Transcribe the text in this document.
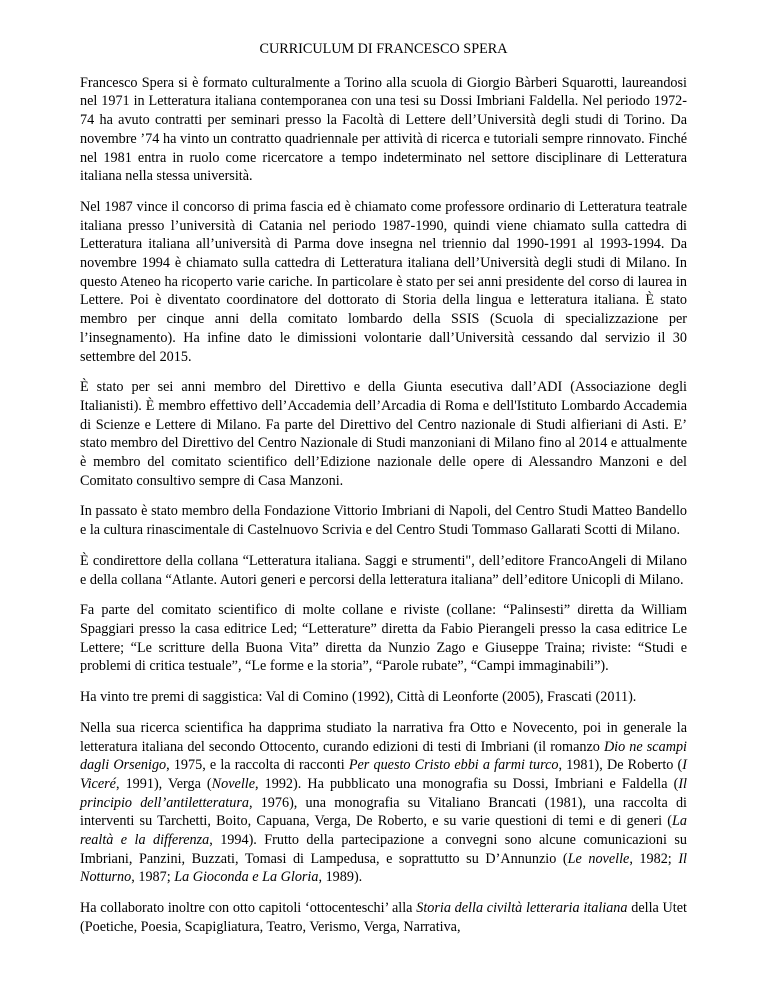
CURRICULUM DI FRANCESCO SPERA
Francesco Spera si è formato culturalmente a Torino alla scuola di Giorgio Bàrberi Squarotti, laureandosi nel 1971 in Letteratura italiana contemporanea con una tesi su Dossi Imbriani Faldella. Nel periodo 1972-74 ha avuto contratti per seminari presso la Facoltà di Lettere dell’Università degli studi di Torino. Da novembre ’74 ha vinto un contratto quadriennale per attività di ricerca e tutoriali sempre rinnovato. Finché nel 1981 entra in ruolo come ricercatore a tempo indeterminato nel settore disciplinare di Letteratura italiana nella stessa università.
Nel 1987 vince il concorso di prima fascia ed è chiamato come professore ordinario di Letteratura teatrale italiana presso l’università di Catania nel periodo 1987-1990, quindi viene chiamato sulla cattedra di Letteratura italiana all’università di Parma dove insegna nel triennio dal 1990-1991 al 1993-1994. Da novembre 1994 è chiamato sulla cattedra di Letteratura italiana dell’Università degli studi di Milano. In questo Ateneo ha ricoperto varie cariche. In particolare è stato per sei anni presidente del corso di laurea in Lettere. Poi è diventato coordinatore del dottorato di Storia della lingua e letteratura italiana. È stato membro per cinque anni della comitato lombardo della SSIS (Scuola di specializzazione per l’insegnamento). Ha infine dato le dimissioni volontarie dall’Università cessando dal servizio il 30 settembre del 2015.
È stato per sei anni membro del Direttivo e della Giunta esecutiva dall’ADI (Associazione degli Italianisti). È membro effettivo dell’Accademia dell’Arcadia di Roma e dell'Istituto Lombardo Accademia di Scienze e Lettere di Milano. Fa parte del Direttivo del Centro nazionale di Studi alfieriani di Asti. E’ stato membro del Direttivo del Centro Nazionale di Studi manzoniani di Milano fino al 2014 e attualmente è membro del comitato scientifico dell’Edizione nazionale delle opere di Alessandro Manzoni e del Comitato consultivo sempre di Casa Manzoni.
In passato è stato membro della Fondazione Vittorio Imbriani di Napoli, del Centro Studi Matteo Bandello e la cultura rinascimentale di Castelnuovo Scrivia e del Centro Studi Tommaso Gallarati Scotti di Milano.
È condirettore della collana “Letteratura italiana. Saggi e strumenti", dell’editore FrancoAngeli di Milano e della collana “Atlante. Autori generi e percorsi della letteratura italiana” dell’editore Unicopli di Milano.
Fa parte del comitato scientifico di molte collane e riviste (collane: “Palinsesti” diretta da William Spaggiari presso la casa editrice Led; “Letterature” diretta da Fabio Pierangeli presso la casa editrice Le Lettere; “Le scritture della Buona Vita” diretta da Nunzio Zago e Giuseppe Traina; riviste: “Studi e problemi di critica testuale”, “Le forme e la storia”, “Parole rubate”, “Campi immaginabili”).
Ha vinto tre premi di saggistica: Val di Comino (1992), Città di Leonforte (2005), Frascati (2011).
Nella sua ricerca scientifica ha dapprima studiato la narrativa fra Otto e Novecento, poi in generale la letteratura italiana del secondo Ottocento, curando edizioni di testi di Imbriani (il romanzo Dio ne scampi dagli Orsenigo, 1975, e la raccolta di racconti Per questo Cristo ebbi a farmi turco, 1981), De Roberto (I Viceré, 1991), Verga (Novelle, 1992). Ha pubblicato una monografia su Dossi, Imbriani e Faldella (Il principio dell’antiletteratura, 1976), una monografia su Vitaliano Brancati (1981), una raccolta di interventi su Tarchetti, Boito, Capuana, Verga, De Roberto, e su varie questioni di temi e di generi (La realtà e la differenza, 1994). Frutto della partecipazione a convegni sono alcune comunicazioni su Imbriani, Panzini, Buzzati, Tomasi di Lampedusa, e soprattutto su D’Annunzio (Le novelle, 1982; Il Notturno, 1987; La Gioconda e La Gloria, 1989).
Ha collaborato inoltre con otto capitoli ‘ottocenteschi’ alla Storia della civiltà letteraria italiana della Utet (Poetiche, Poesia, Scapigliatura, Teatro, Verismo, Verga, Narrativa,
